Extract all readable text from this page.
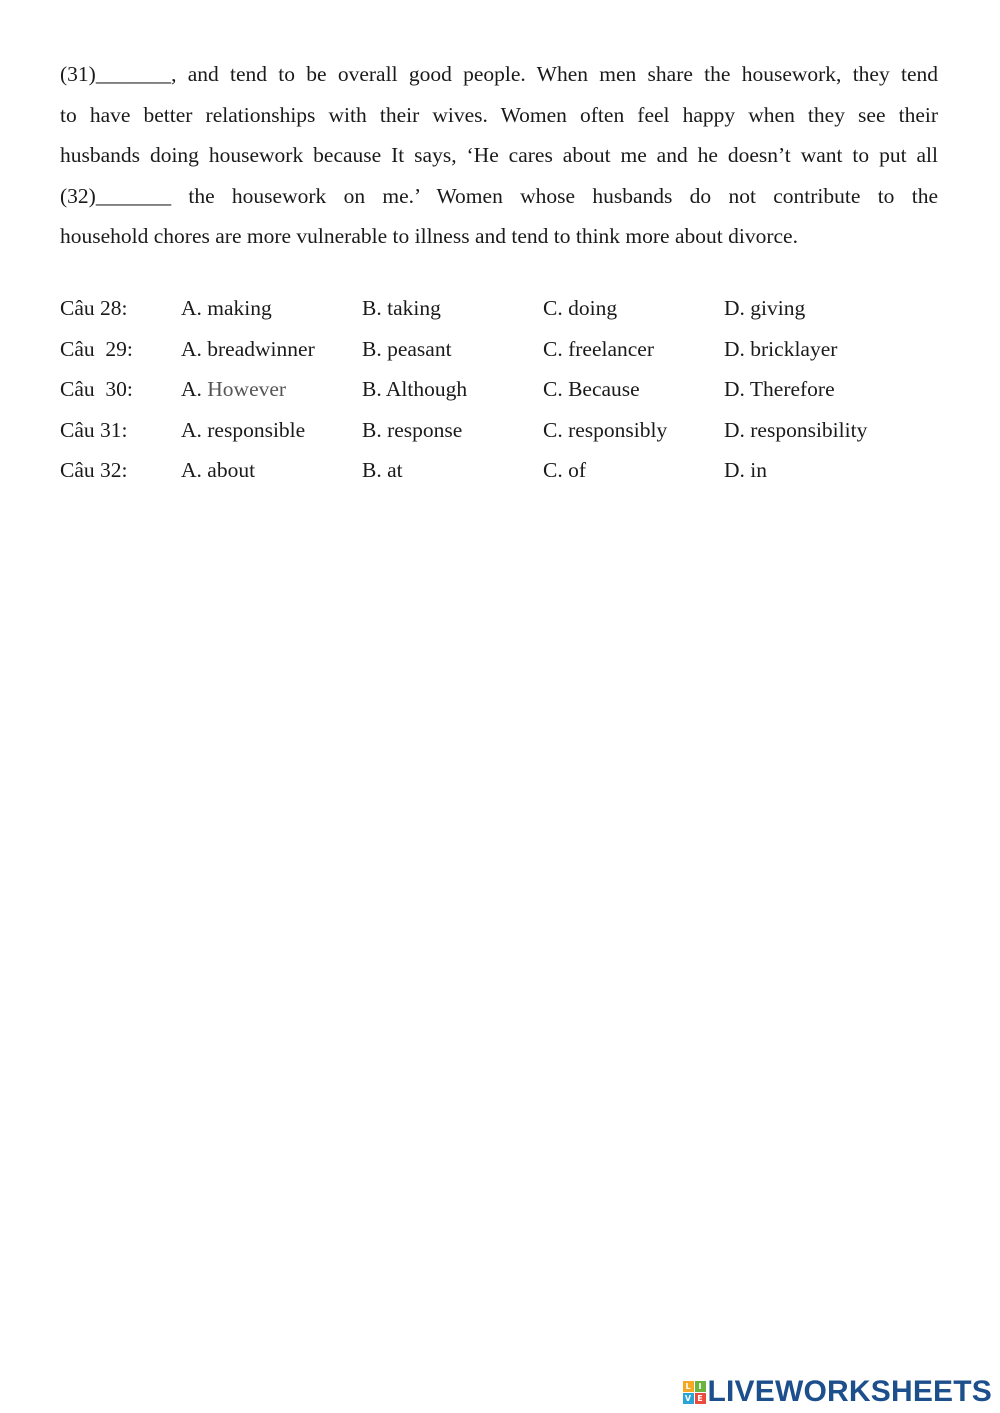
(31)_______, and tend to be overall good people. When men share the housework, they tend
to have better relationships with their wives. Women often feel happy when they see their
husbands doing housework because It says, ‘He cares about me and he doesn’t want to put all
(32)_______ the housework on me.’ Women whose husbands do not contribute to the
household chores are more vulnerable to illness and tend to think more about divorce.
Câu 28: A. making	B. taking	C. doing	D. giving
Câu  29: A. breadwinner B. peasant	C. freelancer	D. bricklayer
Câu  30: A. However	B. Although	C. Because	D. Therefore
Câu 31: A. responsible	B. response	C. responsibly	D. responsibility
Câu 32: A. about	B. at	C. of	D. in
L I
V E LIVEWORKSHEETS
